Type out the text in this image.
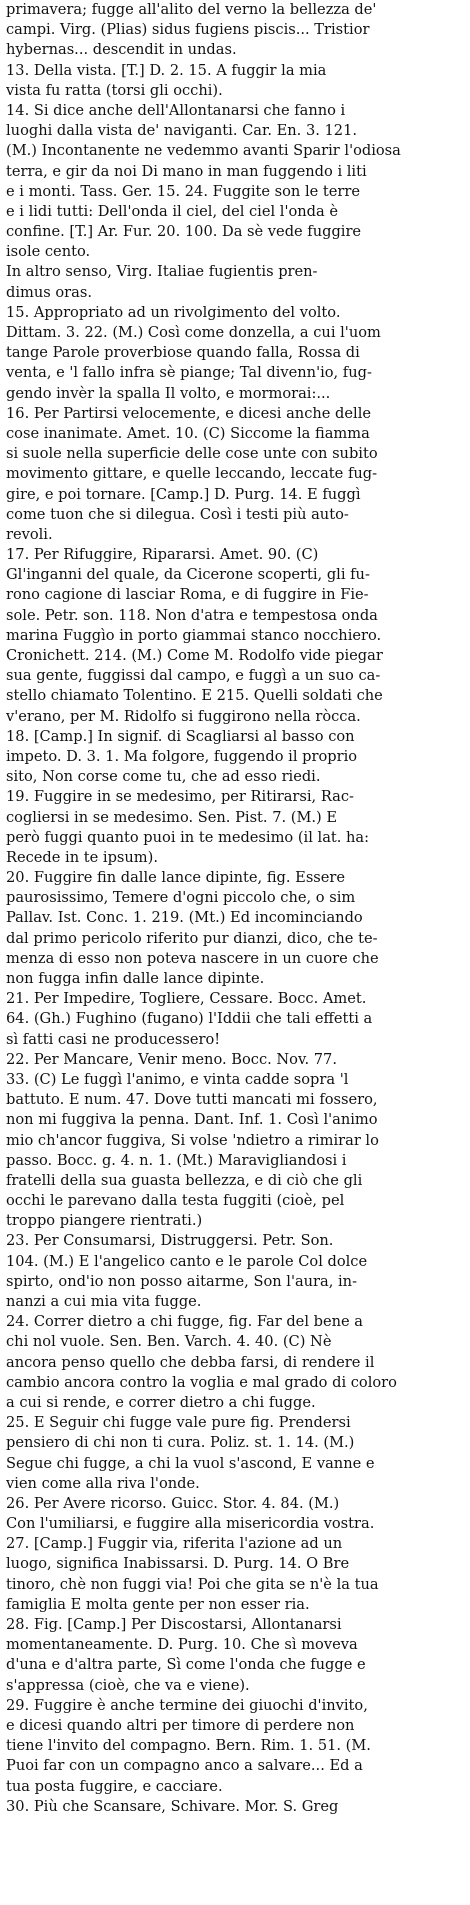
primavera; fugge all'alito del verno la bellezza de'
campi. Virg. (Plias) sidus fugiens piscis... Tristior
hybernas... descendit in undas.
13. Della vista. [T.] D. 2. 15. A fuggir la mia
vista fu ratta (torsi gli occhi).
14. Si dice anche dell'Allontanarsi che fanno i
luoghi dalla vista de' naviganti. Car. En. 3. 121.
(M.) Incontanente ne vedemmo avanti Sparir l'odiosa
terra, e gir da noi Di mano in man fuggendo i liti
e i monti. Tass. Ger. 15. 24. Fuggite son le terre
e i lidi tutti: Dell'onda il ciel, del ciel l'onda è
confine. [T.] Ar. Fur. 20. 100. Da sè vede fuggire
isole cento.
In altro senso, Virg. Italiae fugientis pren-
dimus oras.
15. Appropriato ad un rivolgimento del volto.
Dittam. 3. 22. (M.) Così come donzella, a cui l'uom
tange Parole proverbiose quando falla, Rossa di
venta, e 'l fallo infra sè piange; Tal divenn'io, fug-
gendo invèr la spalla Il volto, e mormorai:...
16. Per Partirsi velocemente, e dicesi anche delle
cose inanimate. Amet. 10. (C) Siccome la fiamma
si suole nella superficie delle cose unte con subito
movimento gittare, e quelle leccando, leccate fug-
gire, e poi tornare. [Camp.] D. Purg. 14. E fuggì
come tuon che si dilegua. Così i testi più auto-
revoli.
17. Per Rifuggire, Ripararsi. Amet. 90. (C)
Gl'inganni del quale, da Cicerone scoperti, gli fu-
rono cagione di lasciar Roma, e di fuggire in Fie-
sole. Petr. son. 118. Non d'atra e tempestosa onda
marina Fuggìo in porto giammai stanco nocchiero.
Cronichett. 214. (M.) Come M. Rodolfo vide piegar
sua gente, fuggissi dal campo, e fuggì a un suo ca-
stello chiamato Tolentino. E 215. Quelli soldati che
v'erano, per M. Ridolfo si fuggirono nella ròcca.
18. [Camp.] In signif. di Scagliarsi al basso con
impeto. D. 3. 1. Ma folgore, fuggendo il proprio
sito, Non corse come tu, che ad esso riedi.
19. Fuggire in se medesimo, per Ritirarsi, Rac-
cogliersi in se medesimo. Sen. Pist. 7. (M.) E
però fuggi quanto puoi in te medesimo (il lat. ha:
Recede in te ipsum).
20. Fuggire fin dalle lance dipinte, fig. Essere
paurosissimo, Temere d'ogni piccolo che, o sim
Pallav. Ist. Conc. 1. 219. (Mt.) Ed incominciando
dal primo pericolo riferito pur dianzi, dico, che te-
menza di esso non poteva nascere in un cuore che
non fugga infin dalle lance dipinte.
21. Per Impedire, Togliere, Cessare. Bocc. Amet.
64. (Gh.) Fughino (fugano) l'Iddii che tali effetti a
sì fatti casi ne producessero!
22. Per Mancare, Venir meno. Bocc. Nov. 77.
33. (C) Le fuggì l'animo, e vinta cadde sopra 'l
battuto. E num. 47. Dove tutti mancati mi fossero,
non mi fuggiva la penna. Dant. Inf. 1. Così l'animo
mio ch'ancor fuggiva, Si volse 'ndietro a rimirar lo
passo. Bocc. g. 4. n. 1. (Mt.) Maravigliandosi i
fratelli della sua guasta bellezza, e di ciò che gli
occhi le parevano dalla testa fuggiti (cioè, pel
troppo piangere rientrati.)
23. Per Consumarsi, Distruggersi. Petr. Son.
104. (M.) E l'angelico canto e le parole Col dolce
spirto, ond'io non posso aitarme, Son l'aura, in-
nanzi a cui mia vita fugge.
24. Correr dietro a chi fugge, fig. Far del bene a
chi nol vuole. Sen. Ben. Varch. 4. 40. (C) Nè
ancora penso quello che debba farsi, di rendere il
cambio ancora contro la voglia e mal grado di coloro
a cui si rende, e correr dietro a chi fugge.
25. E Seguir chi fugge vale pure fig. Prendersi
pensiero di chi non ti cura. Poliz. st. 1. 14. (M.)
Segue chi fugge, a chi la vuol s'ascond, E vanne e
vien come alla riva l'onde.
26. Per Avere ricorso. Guicc. Stor. 4. 84. (M.)
Con l'umiliarsi, e fuggire alla misericordia vostra.
27. [Camp.] Fuggir via, riferita l'azione ad un
luogo, significa Inabissarsi. D. Purg. 14. O Bre
tinoro, chè non fuggi via! Poi che gita se n'è la tua
famiglia E molta gente per non esser ria.
28. Fig. [Camp.] Per Discostarsi, Allontanarsi
momentaneamente. D. Purg. 10. Che sì moveva
d'una e d'altra parte, Sì come l'onda che fugge e
s'appressa (cioè, che va e viene).
29. Fuggire è anche termine dei giuochi d'invito,
e dicesi quando altri per timore di perdere non
tiene l'invito del compagno. Bern. Rim. 1. 51. (M.
Puoi far con un compagno anco a salvare... Ed a
tua posta fuggire, e cacciare.
30. Più che Scansare, Schivare. Mor. S. Greg
